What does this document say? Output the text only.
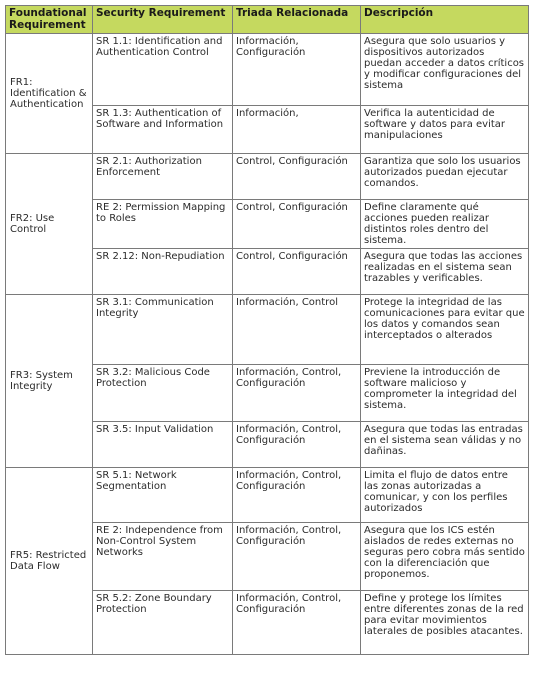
Foundational Requirement	Security Requirement	Triada Relacionada	Descripción
FR1: Identification & Authentication	SR 1.1: Identification and Authentication Control	Información, Configuración	Asegura que solo usuarios y dispositivos autorizados puedan acceder a datos críticos y modificar configuraciones del sistema
	SR 1.3: Authentication of Software and Information	Información,	Verifica la autenticidad de software y datos para evitar manipulaciones
FR2: Use Control	SR 2.1: Authorization Enforcement	Control, Configuración	Garantiza que solo los usuarios autorizados puedan ejecutar comandos.
	RE 2: Permission Mapping to Roles	Control, Configuración	Define claramente qué acciones pueden realizar distintos roles dentro del sistema.
	SR 2.12: Non-Repudiation	Control, Configuración	Asegura que todas las acciones realizadas en el sistema sean trazables y verificables.
FR3: System Integrity	SR 3.1: Communication Integrity	Información, Control	Protege la integridad de las comunicaciones para evitar que los datos y comandos sean interceptados o alterados
	SR 3.2: Malicious Code Protection	Información, Control, Configuración	Previene la introducción de software malicioso y comprometer la integridad del sistema.
	SR 3.5: Input Validation	Información, Control, Configuración	Asegura que todas las entradas en el sistema sean válidas y no dañinas.
FR5: Restricted Data Flow	SR 5.1: Network Segmentation	Información, Control, Configuración	Limita el flujo de datos entre las zonas autorizadas a comunicar, y con los perfiles autorizados
	RE 2: Independence from Non-Control System Networks	Información, Control, Configuración	Asegura que los ICS estén aislados de redes externas no seguras pero cobra más sentido con la diferenciación que proponemos.
	SR 5.2: Zone Boundary Protection	Información, Control, Configuración	Define y protege los límites entre diferentes zonas de la red para evitar movimientos laterales de posibles atacantes.
